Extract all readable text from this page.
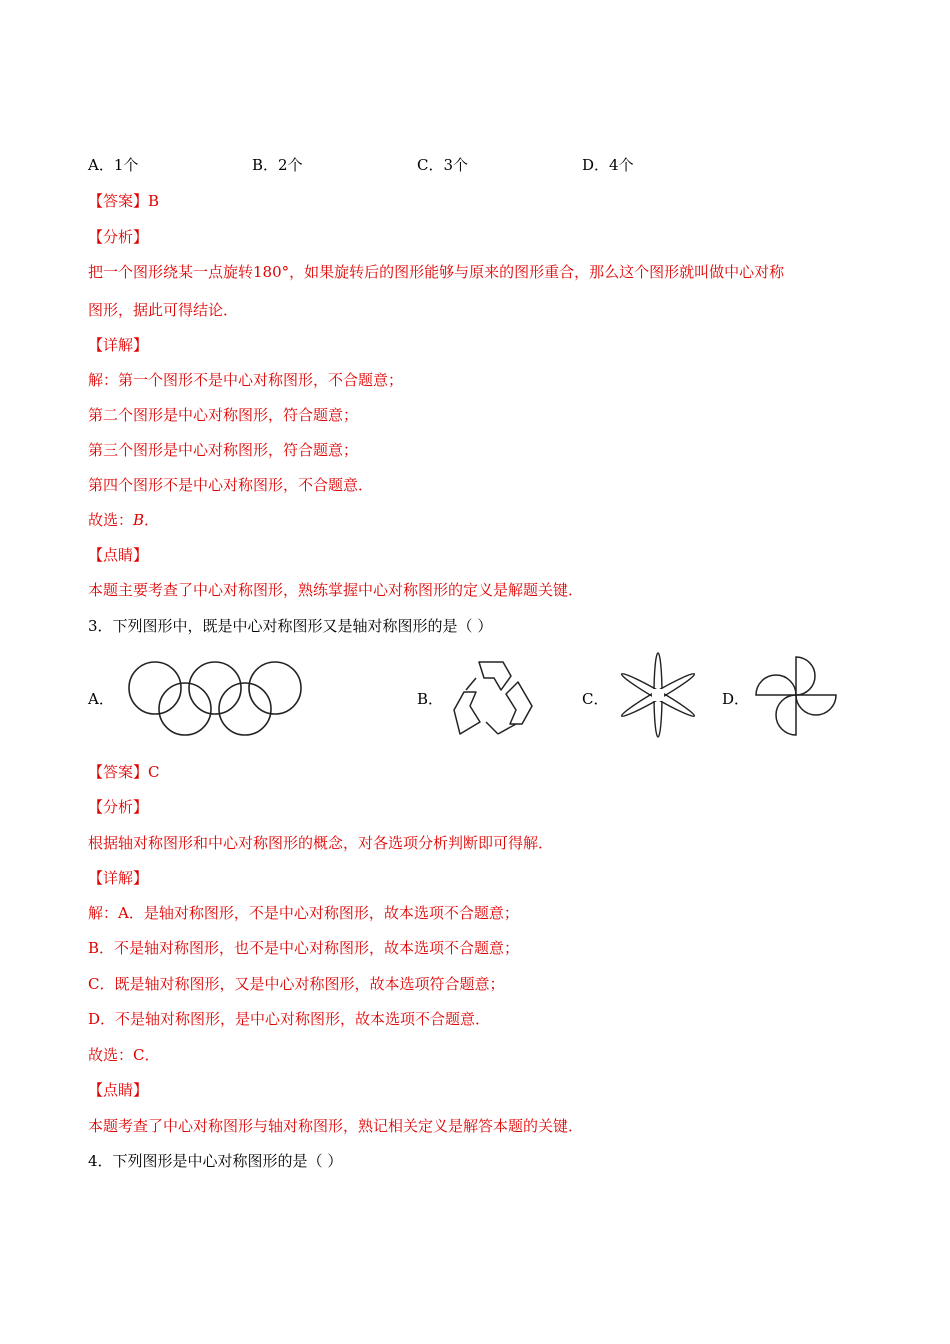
A．1个	B．2个	C．3个	D．4个
【答案】B
【分析】
把一个图形绕某一点旋转180°，如果旋转后的图形能够与原来的图形重合，那么这个图形就叫做中心对称
图形，据此可得结论．
【详解】
解：第一个图形不是中心对称图形，不合题意；
第二个图形是中心对称图形，符合题意；
第三个图形是中心对称图形，符合题意；
第四个图形不是中心对称图形，不合题意．
故选：B．
【点睛】
本题主要考查了中心对称图形，熟练掌握中心对称图形的定义是解题关键．
3．下列图形中，既是中心对称图形又是轴对称图形的是（ ）
A．	B．	C．	D．
【答案】C
【分析】
根据轴对称图形和中心对称图形的概念，对各选项分析判断即可得解．
【详解】
解：A．是轴对称图形，不是中心对称图形，故本选项不合题意；
B．不是轴对称图形，也不是中心对称图形，故本选项不合题意；
C．既是轴对称图形，又是中心对称图形，故本选项符合题意；
D．不是轴对称图形，是中心对称图形，故本选项不合题意．
故选：C．
【点睛】
本题考查了中心对称图形与轴对称图形，熟记相关定义是解答本题的关键．
4．下列图形是中心对称图形的是（ ）
